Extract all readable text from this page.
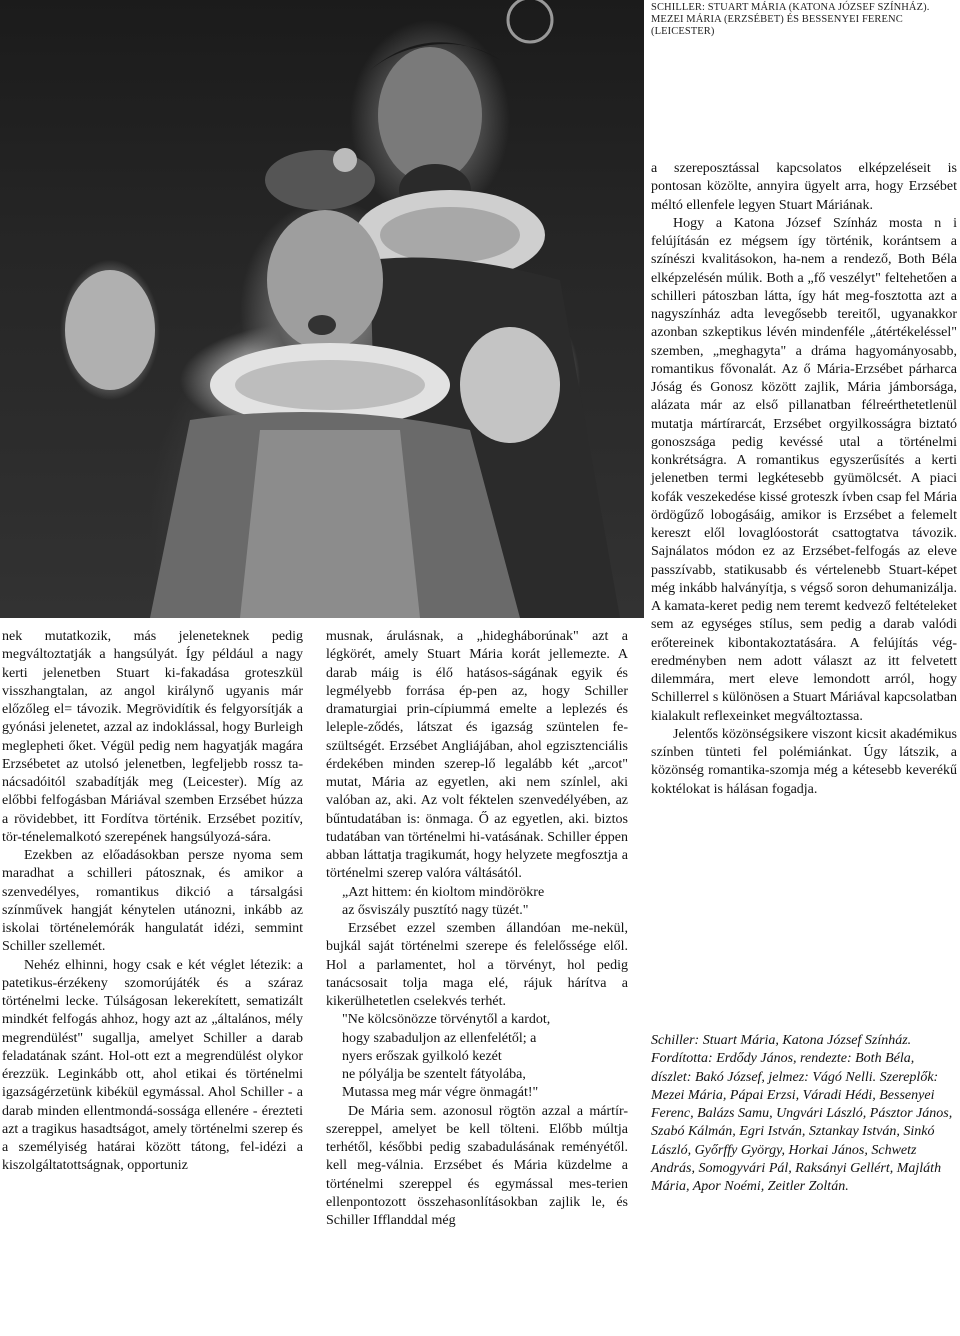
SCHILLER: STUART MÁRIA (KATONA JÓZSEF SZÍNHÁZ). MEZEI MÁRIA (ERZSÉBET) ÉS BESSENYEI FERENC (LEICESTER)

nek mutatkozik, más jeleneteknek pedig megváltoztatják a hangsúlyát. Így például a nagy kerti jelenetben Stuart ki-fakadása groteszkül visszhangtalan, az angol királynő ugyanis már előzőleg el= távozik. Megrövidítik és felgyorsítják a gyónási jelenetet, azzal az indoklással, hogy Burleigh meglepheti őket. Végül pedig nem hagyatják magára Erzsébetet az utolsó jelenetben, legfeljebb rossz ta-nácsadóitól szabadítják meg (Leicester). Míg az előbbi felfogásban Máriával szemben Erzsébet húzza a rövidebbet, itt Fordítva történik. Erzsébet pozitív, tör-ténelemalkotó szerepének hangsúlyozá-sára.

Ezekben az előadásokban persze nyoma sem maradhat a schilleri pátosznak, és amikor a szenvedélyes, romantikus dikció a társalgási színművek hangját kénytelen utánozni, inkább az iskolai történelemórák hangulatát idézi, semmint Schiller szellemét.

Nehéz elhinni, hogy csak e két véglet létezik: a patetikus-érzékeny szomorújáték és a száraz történelmi lecke. Túlságosan lekerekített, sematizált mindkét felfogás ahhoz, hogy azt az „általános, mély megrendülést" sugallja, amelyet Schiller a darab feladatának szánt. Hol-ott ezt a megrendülést olykor érezzük. Leginkább ott, ahol etikai és történelmi igazságérzetünk kibékül egymással. Ahol Schiller - a darab minden ellentmondá-sossága ellenére - érezteti azt a tragikus hasadtságot, amely történelmi szerep és a személyiség határai között tátong, fel-idézi a kiszolgáltatottságnak, opportuniz

musnak, árulásnak, a „hidegháborúnak" azt a légkörét, amely Stuart Mária korát jellemezte. A darab máig is élő hatásos-ságának egyik és legmélyebb forrása ép-pen az, hogy Schiller dramaturgiai prin-cípiummá emelte a leplezés és leleple-ződés, látszat és igazság szüntelen fe-szültségét. Erzsébet Angliájában, ahol egzisztenciális érdekében minden szerep-lő legalább két „arcot" mutat, Mária az egyetlen, aki nem színlel, aki valóban az, aki. Az volt féktelen szenvedélyében, az bűntudatában is: önmaga. Ő az egyetlen, aki. biztos tudatában van történelmi hi-vatásának. Schiller éppen abban láttatja tragikumát, hogy helyzete megfosztja a történelmi szerep valóra váltásától.

„Azt hittem: én kioltom mindörökre

az ősviszály pusztító nagy tüzét."

Erzsébet ezzel szemben állandóan me-nekül, bujkál saját történelmi szerepe és felelőssége elől. Hol a parlamentet, hol a törvényt, hol pedig tanácsosait tolja maga elé, rájuk hárítva a kikerülhetetlen cselekvés terhét.

"Ne kölcsönözze törvénytől a kardot,

hogy szabaduljon az ellenfelétől; a

nyers erőszak gyilkoló kezét

ne pólyálja be szentelt fátyolába,

Mutassa meg már végre önmagát!"

De Mária sem. azonosul rögtön azzal a mártír-szereppel, amelyet be kell tölteni. Előbb múltja terhétől, későbbi pedig szabadulásának reményétől. kell meg-válnia. Erzsébet és Mária küzdelme a történelmi szereppel és egymással mes-terien ellenpontozott összehasonlításokban zajlik le, és Schiller Ifflanddal még

a szereposztással kapcsolatos elképzeléseit is pontosan közölte, annyira ügyelt arra, hogy Erzsébet méltó ellenfele legyen Stuart Máriának.

Hogy a Katona József Színház mosta n i felújításán ez mégsem így történik, korántsem a színészi kvalitásokon, ha-nem a rendező, Both Béla elképzelésén múlik. Both a „fő veszélyt" feltehetően a schilleri pátoszban látta, így hát meg-fosztotta azt a nagyszínház adta levegősebb tereitől, ugyanakkor azonban szkeptikus lévén mindenféle „átértékeléssel" szemben, „meghagyta" a dráma hagyományosabb, romantikus fővonalát. Az ő Mária-Erzsébet párharca Jóság és Gonosz között zajlik, Mária jámborsága, alázata már az első pillanatban félreérthetetlenül mutatja mártírarcát, Erzsébet orgyilkosságra biztató gonoszsága pedig kevéssé utal a történelmi konkrétságra. A romantikus egyszerűsítés a kerti jelenetben termi legkétesebb gyümölcsét. A piaci kofák veszekedése kissé groteszk ívben csap fel Mária ördögűző lobogásáig, amikor is Erzsébet a felemelt kereszt elől lovaglóostorát csattogtatva távozik. Sajnálatos módon ez az Erzsébet-felfogás az eleve passzívabb, statikusabb és vértelenebb Stuart-képet még inkább halványítja, s végső soron dehumanizálja. A kamata-keret pedig nem teremt kedvező feltételeket sem az egységes stílus, sem pedig a darab valódi erőtereinek kibontakoztatására. A felújítás vég-eredményben nem adott választ az itt felvetett dilemmára, mert eleve lemondott arról, hogy Schillerrel s különösen a Stuart Máriával kapcsolatban kialakult reflexeinket megváltoztassa.

Jelentős közönségsikere viszont kicsit akadémikus színben tünteti fel polémiánkat. Úgy látszik, a közönség romantika-szomja még a kétesebb keverékű koktélokat is hálásan fogadja.

Schiller: Stuart Mária, Katona József Színház. Fordította: Erdődy János, rendezte: Both Béla, díszlet: Bakó József, jelmez: Vágó Nelli. Szereplők: Mezei Mária, Pápai Erzsi, Váradi Hédi, Bessenyei Ferenc, Balázs Samu, Ungvári László, Pásztor János, Szabó Kálmán, Egri István, Sztankay István, Sinkó László, Győrffy György, Horkai János, Schwetz András, Somogyvári Pál, Raksányi Gellért, Majláth Mária, Apor Noémi, Zeitler Zoltán.
